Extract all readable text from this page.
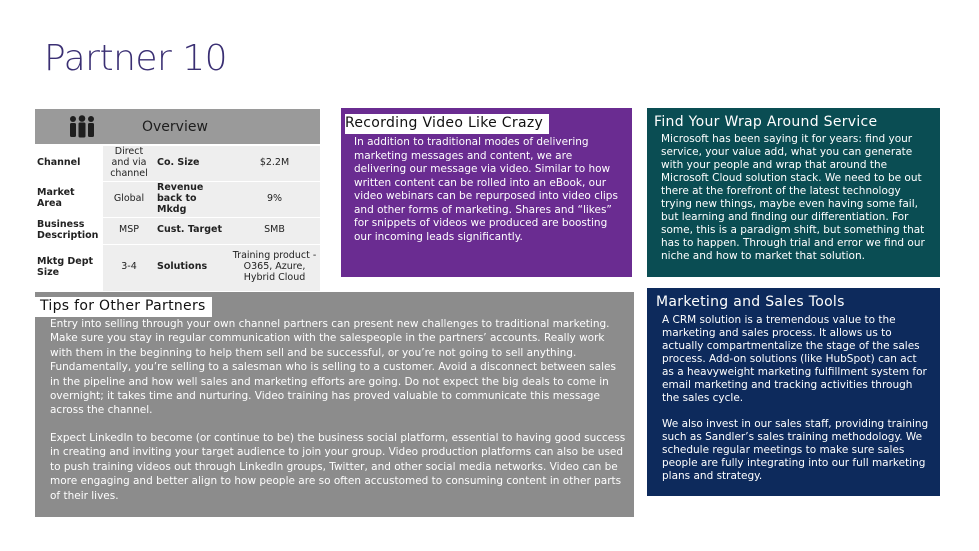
Partner 10
Overview
Channel	Direct and via channel	Co. Size	$2.2M
Market Area	Global	Revenue back to Mkdg	9%
Business Description	MSP	Cust. Target	SMB
Mktg Dept Size	3-4	Solutions	Training product - O365, Azure, Hybrid Cloud
Recording Video Like Crazy
In addition to traditional modes of delivering marketing messages and content, we are delivering our message via video. Similar to how written content can be rolled into an eBook, our video webinars can be repurposed into video clips and other forms of marketing. Shares and “likes” for snippets of videos we produced are boosting our incoming leads significantly.
Find Your Wrap Around Service
Microsoft has been saying it for years: find your service, your value add, what you can generate with your people and wrap that around the Microsoft Cloud solution stack. We need to be out there at the forefront of the latest technology trying new things, maybe even having some fail, but learning and finding our differentiation. For some, this is a paradigm shift, but something that has to happen. Through trial and error we find our niche and how to market that solution.
Tips for Other Partners
Entry into selling through your own channel partners can present new challenges to traditional marketing. Make sure you stay in regular communication with the salespeople in the partners’ accounts. Really work with them in the beginning to help them sell and be successful, or you’re not going to sell anything. Fundamentally, you’re selling to a salesman who is selling to a customer. Avoid a disconnect between sales in the pipeline and how well sales and marketing efforts are going. Do not expect the big deals to come in overnight; it takes time and nurturing. Video training has proved valuable to communicate this message across the channel.
Expect LinkedIn to become (or continue to be) the business social platform, essential to having good success in creating and inviting your target audience to join your group. Video production platforms can also be used to push training videos out through LinkedIn groups, Twitter, and other social media networks. Video can be more engaging and better align to how people are so often accustomed to consuming content in other parts of their lives.
Marketing and Sales Tools
A CRM solution is a tremendous value to the marketing and sales process. It allows us to actually compartmentalize the stage of the sales process. Add-on solutions (like HubSpot) can act as a heavyweight marketing fulfillment system for email marketing and tracking activities through the sales cycle.
We also invest in our sales staff, providing training such as Sandler’s sales training methodology. We schedule regular meetings to make sure sales people are fully integrating into our full marketing plans and strategy.
